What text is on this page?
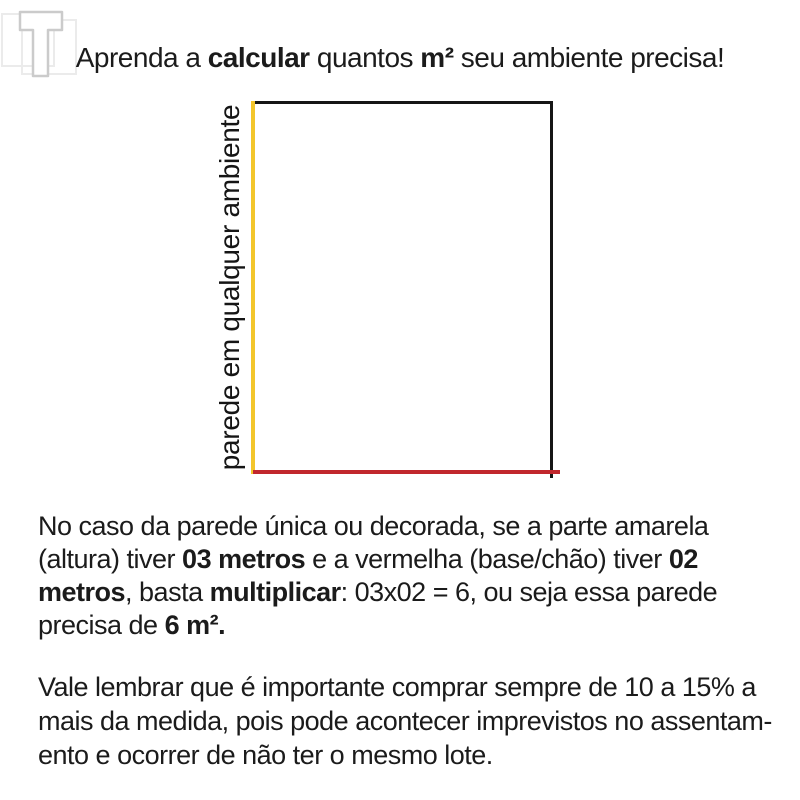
Aprenda a calcular quantos m² seu ambiente precisa!
parede em qualquer ambiente

No caso da parede única ou decorada, se a parte amarela

(altura) tiver 03 metros e a vermelha (base/chão) tiver 02

metros, basta multiplicar: 03x02 = 6, ou seja essa parede

precisa de 6 m².

Vale lembrar que é importante comprar sempre de 10 a 15% a

mais da medida, pois pode acontecer imprevistos no assentam-

ento e ocorrer de não ter o mesmo lote.
